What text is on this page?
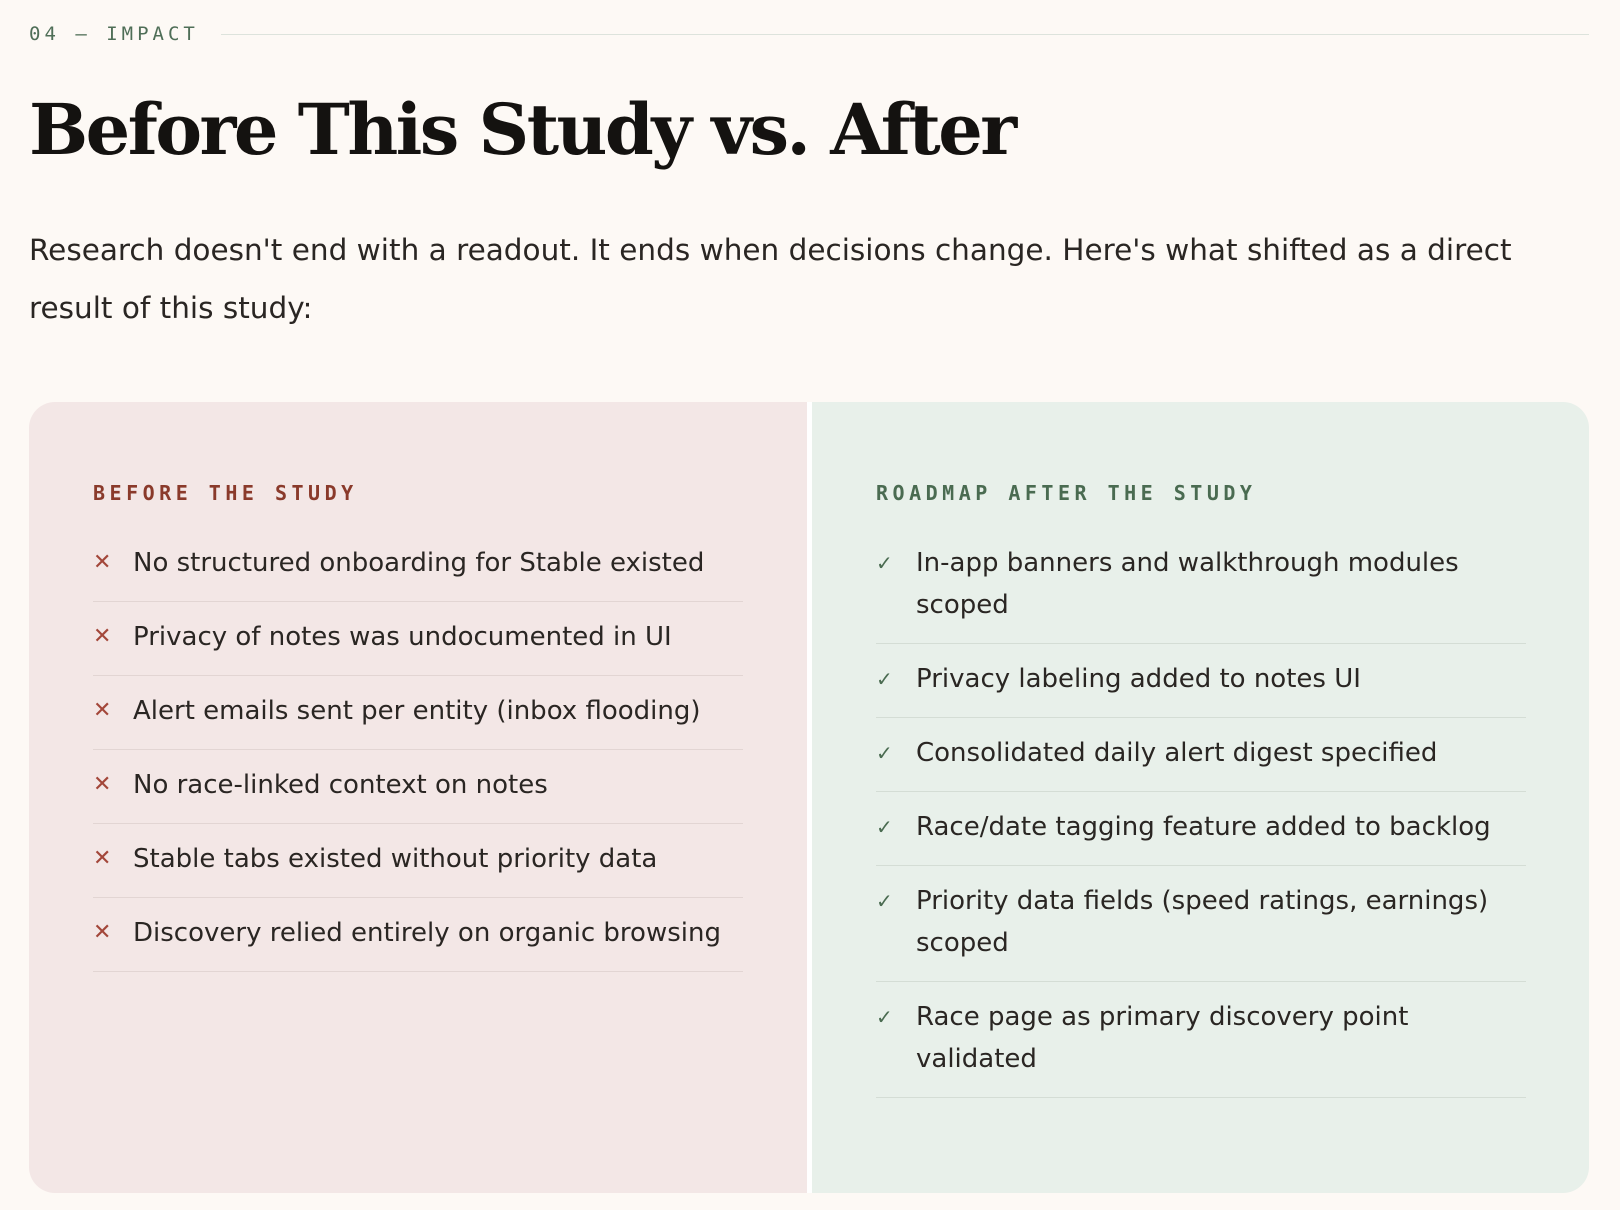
04 — IMPACT
Before This Study vs. After

Research doesn't end with a readout. It ends when decisions change. Here's what shifted as a direct result of this study:

BEFORE THE STUDY
✕ No structured onboarding for Stable existed
✕ Privacy of notes was undocumented in UI
✕ Alert emails sent per entity (inbox flooding)
✕ No race-linked context on notes
✕ Stable tabs existed without priority data
✕ Discovery relied entirely on organic browsing
ROADMAP AFTER THE STUDY
✓ In-app banners and walkthrough modules scoped
✓ Privacy labeling added to notes UI
✓ Consolidated daily alert digest specified
✓ Race/date tagging feature added to backlog
✓ Priority data fields (speed ratings, earnings) scoped
✓ Race page as primary discovery point validated
